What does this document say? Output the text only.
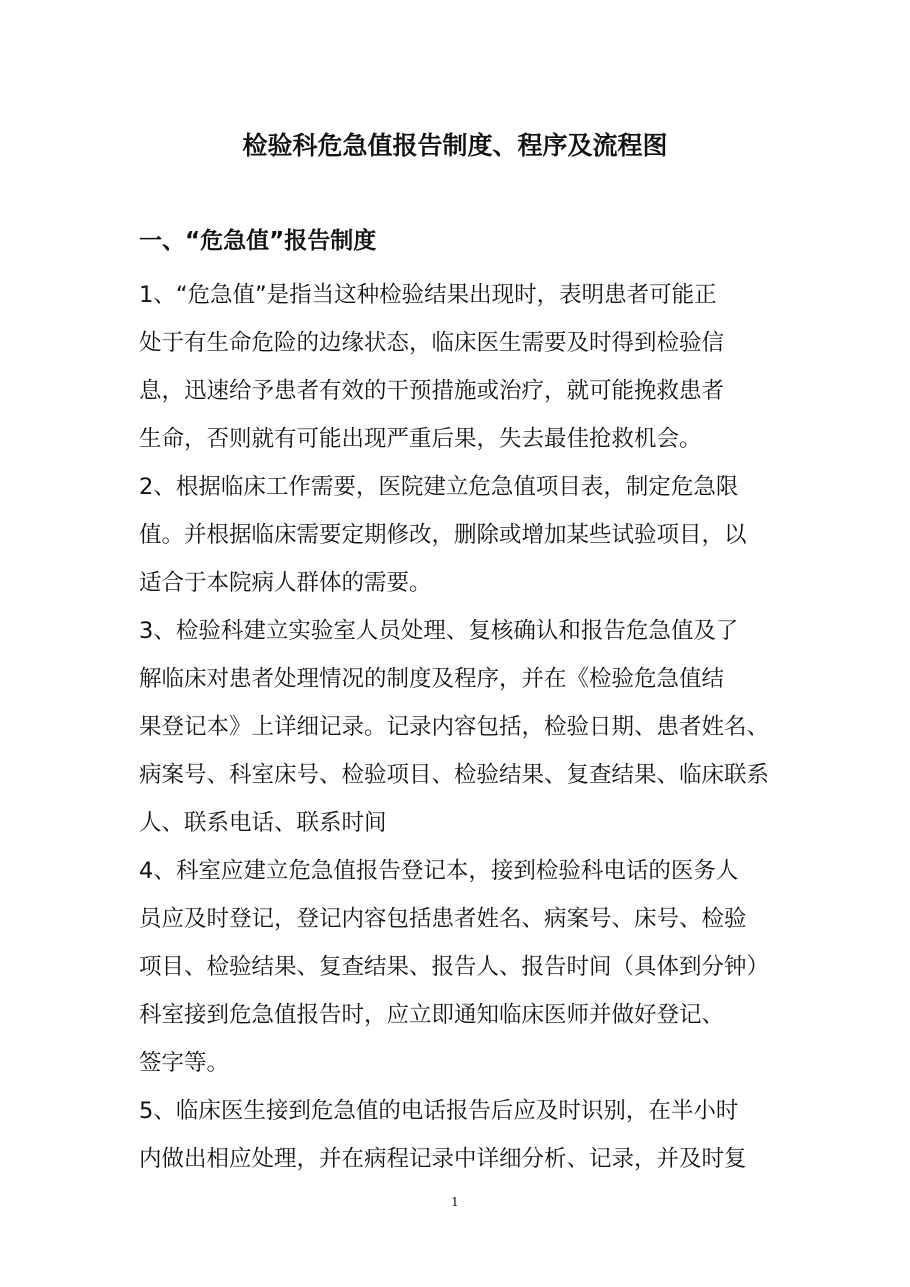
检验科危急值报告制度、程序及流程图
一、“危急值”报告制度
1、“危急值”是指当这种检验结果出现时，表明患者可能正
处于有生命危险的边缘状态，临床医生需要及时得到检验信
息，迅速给予患者有效的干预措施或治疗，就可能挽救患者
生命，否则就有可能出现严重后果，失去最佳抢救机会。
2、根据临床工作需要，医院建立危急值项目表，制定危急限
值。并根据临床需要定期修改，删除或增加某些试验项目，以
适合于本院病人群体的需要。
3、检验科建立实验室人员处理、复核确认和报告危急值及了
解临床对患者处理情况的制度及程序，并在《检验危急值结
果登记本》上详细记录。记录内容包括，检验日期、患者姓名、
病案号、科室床号、检验项目、检验结果、复查结果、临床联系
人、联系电话、联系时间
4、科室应建立危急值报告登记本，接到检验科电话的医务人
员应及时登记，登记内容包括患者姓名、病案号、床号、检验
项目、检验结果、复查结果、报告人、报告时间（具体到分钟）
科室接到危急值报告时，应立即通知临床医师并做好登记、
签字等。
5、临床医生接到危急值的电话报告后应及时识别，在半小时
内做出相应处理，并在病程记录中详细分析、记录，并及时复
1
